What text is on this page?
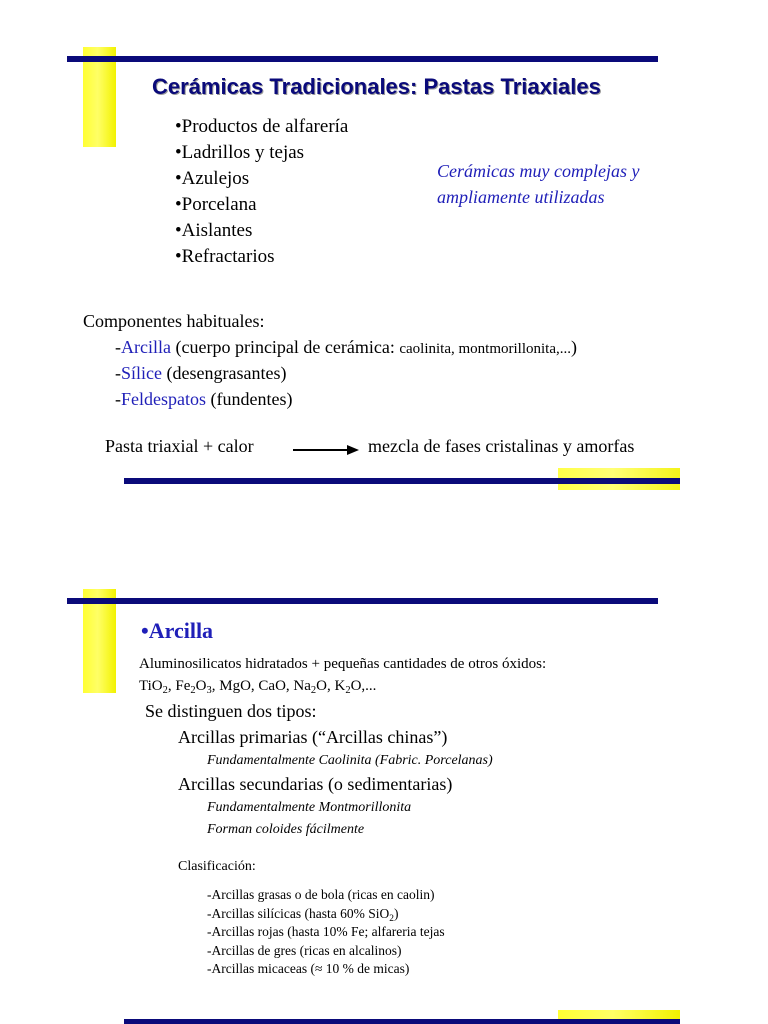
Cerámicas Tradicionales: Pastas Triaxiales
•Productos de alfarería
•Ladrillos y tejas
•Azulejos
•Porcelana
•Aislantes
•Refractarios
Cerámicas muy complejas y
ampliamente utilizadas
Componentes habituales:
-Arcilla (cuerpo principal de cerámica: caolinita, montmorillonita,...)
-Sílice (desengrasantes)
-Feldespatos (fundentes)
Pasta triaxial + calor	mezcla de fases cristalinas y amorfas
•Arcilla
Aluminosilicatos hidratados + pequeñas cantidades de otros óxidos:
TiO$_2$, $Fe_2O_3$, MgO, CaO, $Na_2O$, $K_2O$,...
Se distinguen dos tipos:
Arcillas primarias (“Arcillas chinas”)
Fundamentalmente Caolinita (Fabric. Porcelanas)
Arcillas secundarias (o sedimentarias)
Fundamentalmente Montmorillonita
Forman coloides fácilmente
Clasificación:
-Arcillas grasas o de bola (ricas en caolin)
-Arcillas silícicas (hasta 60% SiO$_2$)
-Arcillas rojas (hasta 10% Fe; alfareria tejas
-Arcillas de gres (ricas en alcalinos)
-Arcillas micaceas (≈ 10 % de micas)
